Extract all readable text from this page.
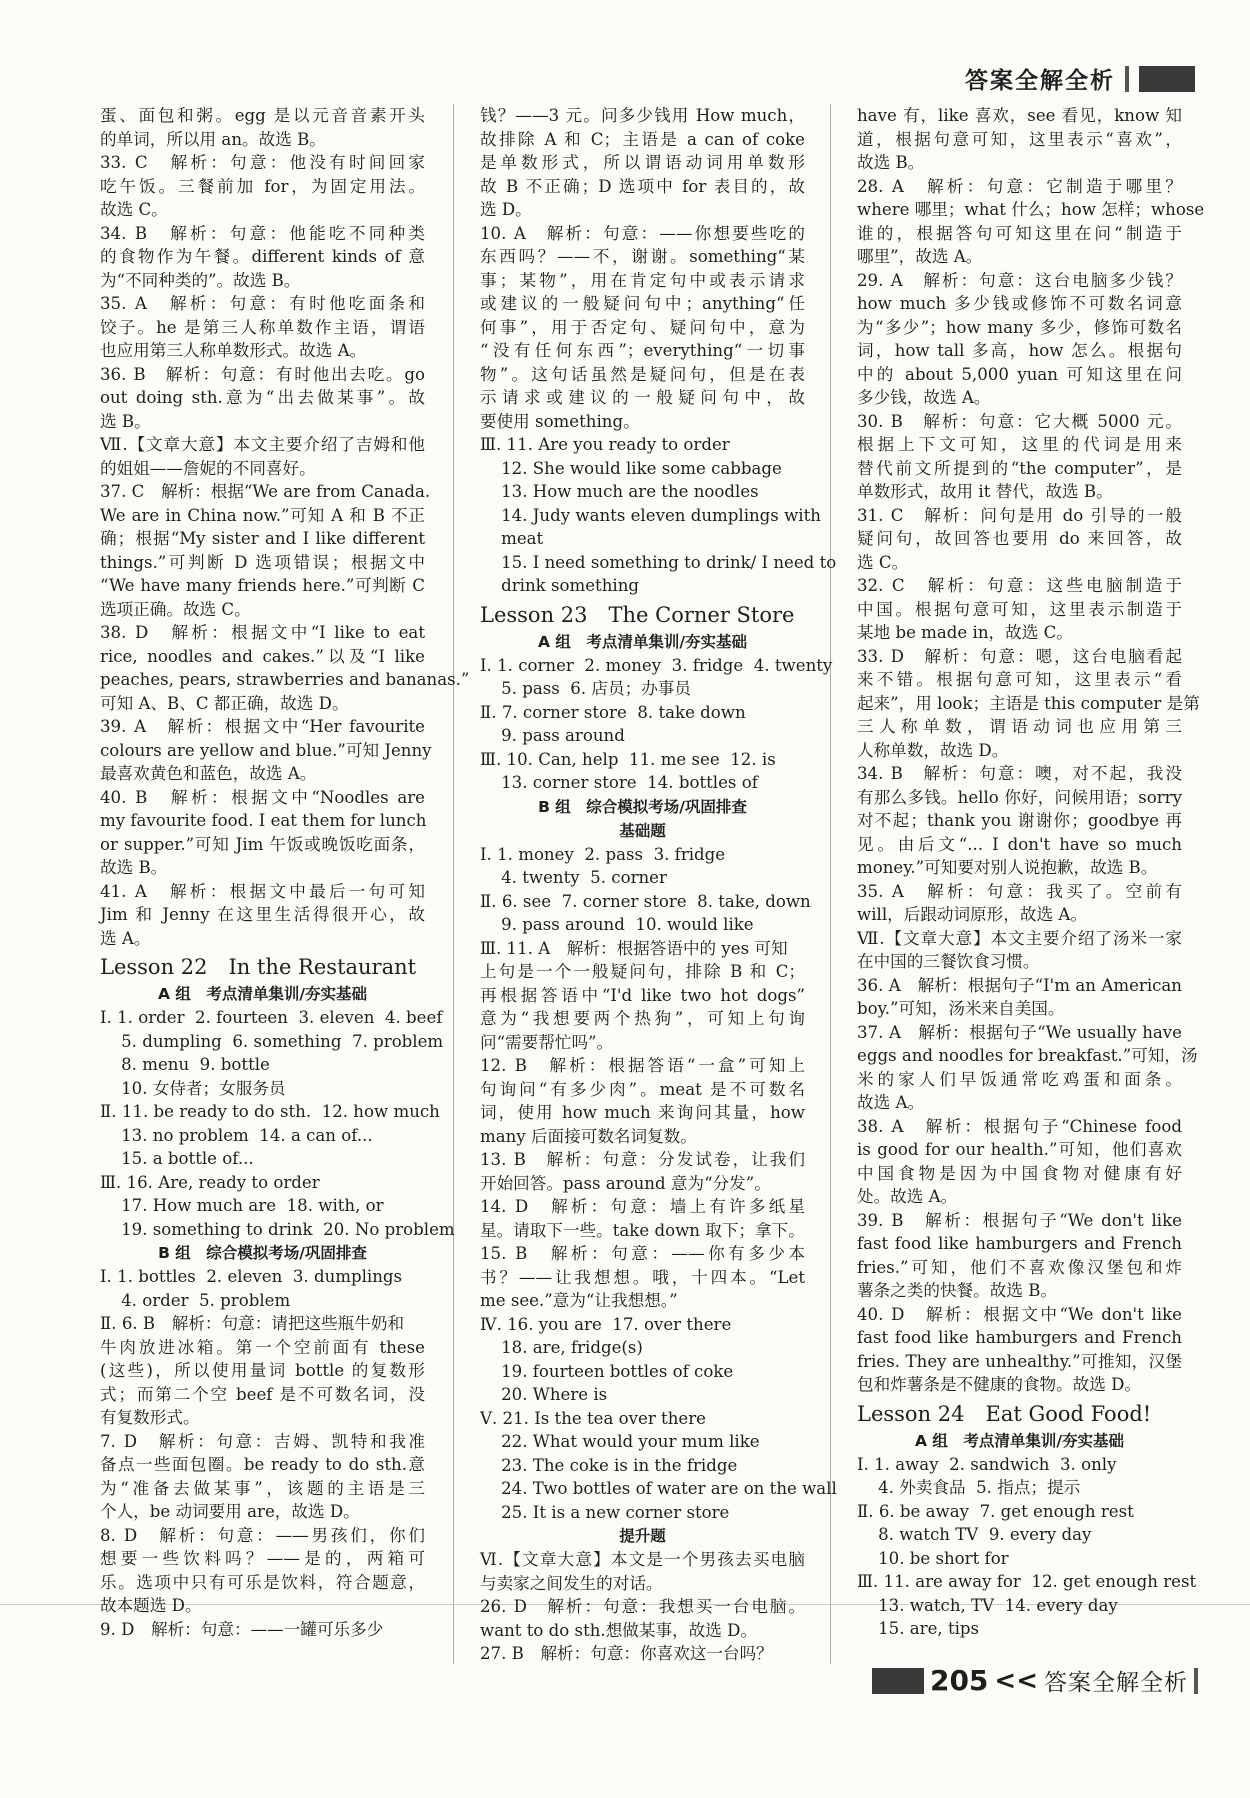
答案全解全析
蛋、面包和粥。egg 是以元音音素开头
的单词，所以用 an。故选 B。
33. C　解析：句意：他没有时间回家
吃午饭。三餐前加 for，为固定用法。
故选 C。
34. B　解析：句意：他能吃不同种类
的食物作为午餐。different kinds of 意
为“不同种类的”。故选 B。
35. A　解析：句意：有时他吃面条和
饺子。he 是第三人称单数作主语，谓语
也应用第三人称单数形式。故选 A。
36. B　解析：句意：有时他出去吃。go
out doing sth.意为“出去做某事”。故
选 B。
Ⅶ.【文章大意】本文主要介绍了吉姆和他
的姐姐——詹妮的不同喜好。
37. C　解析：根据“We are from Canada.
We are in China now.”可知 A 和 B 不正
确；根据“My sister and I like different
things.”可判断 D 选项错误；根据文中
“We have many friends here.”可判断 C
选项正确。故选 C。
38. D　解析：根据文中“I like to eat
rice, noodles and cakes.”以及“I like
peaches, pears, strawberries and bananas.”
可知 A、B、C 都正确，故选 D。
39. A　解析：根据文中“Her favourite
colours are yellow and blue.”可知 Jenny
最喜欢黄色和蓝色，故选 A。
40. B　解析：根据文中“Noodles are
my favourite food. I eat them for lunch
or supper.”可知 Jim 午饭或晚饭吃面条，
故选 B。
41. A　解析：根据文中最后一句可知
Jim 和 Jenny 在这里生活得很开心，故
选 A。
Lesson 22　In the Restaurant
A 组　考点清单集训/夯实基础
Ⅰ. 1. order  2. fourteen  3. eleven  4. beef
5. dumpling  6. something  7. problem
8. menu  9. bottle
10. 女侍者；女服务员
Ⅱ. 11. be ready to do sth.  12. how much
13. no problem  14. a can of...
15. a bottle of...
Ⅲ. 16. Are, ready to order
17. How much are  18. with, or
19. something to drink  20. No problem
B 组　综合模拟考场/巩固排查
Ⅰ. 1. bottles  2. eleven  3. dumplings
4. order  5. problem
Ⅱ. 6. B　解析：句意：请把这些瓶牛奶和
牛肉放进冰箱。第一个空前面有 these
(这些)，所以使用量词 bottle 的复数形
式；而第二个空 beef 是不可数名词，没
有复数形式。
7. D　解析：句意：吉姆、凯特和我准
备点一些面包圈。be ready to do sth.意
为“准备去做某事”，该题的主语是三
个人，be 动词要用 are，故选 D。
8. D　解析：句意：——男孩们，你们
想要一些饮料吗？——是的，两箱可
乐。选项中只有可乐是饮料，符合题意，
故本题选 D。
9. D　解析：句意：——一罐可乐多少
钱？——3 元。问多少钱用 How much，
故排除 A 和 C；主语是 a can of coke
是单数形式，所以谓语动词用单数形
故 B 不正确；D 选项中 for 表目的，故
选 D。
10. A　解析：句意：——你想要些吃的
东西吗？——不，谢谢。something“某
事；某物”，用在肯定句中或表示请求
或建议的一般疑问句中；anything“任
何事”，用于否定句、疑问句中，意为
“没有任何东西”；everything“一切事
物”。这句话虽然是疑问句，但是在表
示请求或建议的一般疑问句中，故
要使用 something。
Ⅲ. 11. Are you ready to order
12. She would like some cabbage
13. How much are the noodles
14. Judy wants eleven dumplings with
meat
15. I need something to drink/ I need to
drink something
Lesson 23　The Corner Store
A 组　考点清单集训/夯实基础
Ⅰ. 1. corner  2. money  3. fridge  4. twenty
5. pass  6. 店员；办事员
Ⅱ. 7. corner store  8. take down
9. pass around
Ⅲ. 10. Can, help  11. me see  12. is
13. corner store  14. bottles of
B 组　综合模拟考场/巩固排查
基础题
Ⅰ. 1. money  2. pass  3. fridge
4. twenty  5. corner
Ⅱ. 6. see  7. corner store  8. take, down
9. pass around  10. would like
Ⅲ. 11. A　解析：根据答语中的 yes 可知
上句是一个一般疑问句，排除 B 和 C；
再根据答语中“I'd like two hot dogs”
意为“我想要两个热狗”，可知上句询
问“需要帮忙吗”。
12. B　解析：根据答语“一盒”可知上
句询问“有多少肉”。meat 是不可数名
词，使用 how much 来询问其量，how
many 后面接可数名词复数。
13. B　解析：句意：分发试卷，让我们
开始回答。pass around 意为“分发”。
14. D　解析：句意：墙上有许多纸星
星。请取下一些。take down 取下；拿下。
15. B　解析：句意：——你有多少本
书？——让我想想。哦，十四本。“Let
me see.”意为“让我想想。”
Ⅳ. 16. you are  17. over there
18. are, fridge(s)
19. fourteen bottles of coke
20. Where is
Ⅴ. 21. Is the tea over there
22. What would your mum like
23. The coke is in the fridge
24. Two bottles of water are on the wall
25. It is a new corner store
提升题
Ⅵ.【文章大意】本文是一个男孩去买电脑
与卖家之间发生的对话。
26. D　解析：句意：我想买一台电脑。
want to do sth.想做某事，故选 D。
27. B　解析：句意：你喜欢这一台吗？
have 有，like 喜欢，see 看见，know 知
道，根据句意可知，这里表示“喜欢”，
故选 B。
28. A　解析：句意：它制造于哪里？
where 哪里；what 什么；how 怎样；whose
谁的，根据答句可知这里在问“制造于
哪里”，故选 A。
29. A　解析：句意：这台电脑多少钱？
how much 多少钱或修饰不可数名词意
为“多少”；how many 多少，修饰可数名
词，how tall 多高，how 怎么。根据句
中的 about 5,000 yuan 可知这里在问
多少钱，故选 A。
30. B　解析：句意：它大概 5000 元。
根据上下文可知，这里的代词是用来
替代前文所提到的“the computer”，是
单数形式，故用 it 替代，故选 B。
31. C　解析：问句是用 do 引导的一般
疑问句，故回答也要用 do 来回答，故
选 C。
32. C　解析：句意：这些电脑制造于
中国。根据句意可知，这里表示制造于
某地 be made in，故选 C。
33. D　解析：句意：嗯，这台电脑看起
来不错。根据句意可知，这里表示“看
起来”，用 look；主语是 this computer 是第
三人称单数，谓语动词也应用第三
人称单数，故选 D。
34. B　解析：句意：噢，对不起，我没
有那么多钱。hello 你好，问候用语；sorry
对不起；thank you 谢谢你；goodbye 再
见。由后文“... I don't have so much
money.”可知要对别人说抱歉，故选 B。
35. A　解析：句意：我买了。空前有
will，后跟动词原形，故选 A。
Ⅶ.【文章大意】本文主要介绍了汤米一家
在中国的三餐饮食习惯。
36. A　解析：根据句子“I'm an American
boy.”可知，汤米来自美国。
37. A　解析：根据句子“We usually have
eggs and noodles for breakfast.”可知，汤
米的家人们早饭通常吃鸡蛋和面条。
故选 A。
38. A　解析：根据句子“Chinese food
is good for our health.”可知，他们喜欢
中国食物是因为中国食物对健康有好
处。故选 A。
39. B　解析：根据句子“We don't like
fast food like hamburgers and French
fries.”可知，他们不喜欢像汉堡包和炸
薯条之类的快餐。故选 B。
40. D　解析：根据文中“We don't like
fast food like hamburgers and French
fries. They are unhealthy.”可推知，汉堡
包和炸薯条是不健康的食物。故选 D。
Lesson 24　Eat Good Food!
A 组　考点清单集训/夯实基础
Ⅰ. 1. away  2. sandwich  3. only
4. 外卖食品  5. 指点；提示
Ⅱ. 6. be away  7. get enough rest
8. watch TV  9. every day
10. be short for
Ⅲ. 11. are away for  12. get enough rest
13. watch, TV  14. every day
15. are, tips
205 << 答案全解全析
